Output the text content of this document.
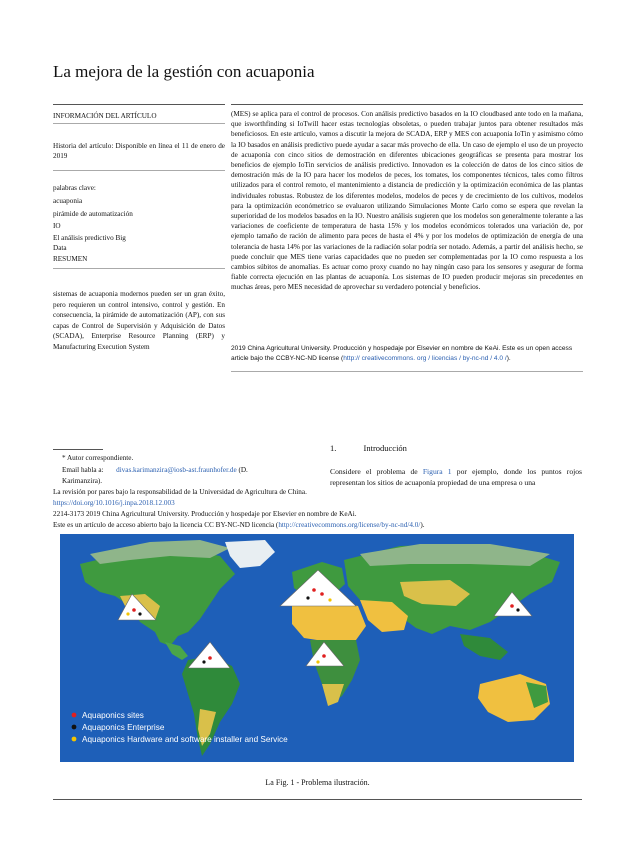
La mejora de la gestión con acuaponia
INFORMACIÓN DEL ARTÍCULO
Historia del artículo: Disponible en línea el 11 de enero de 2019
palabras clave:
acuaponia
pirámide de automatización
IO
El análisis predictivo Big
Data
RESUMEN
sistemas de acuaponia modernos pueden ser un gran éxito, pero requieren un control intensivo, control y gestión. En consecuencia, la pirámide de automatización (AP), con sus capas de Control de Supervisión y Adquisición de Datos (SCADA), Enterprise Resource Planning (ERP) y Manufacturing Execution System
(MES) se aplica para el control de procesos. Con análisis predictivo basados en la IO cloudbased ante todo en la mañana, que isworthfinding si IoTwill hacer estas tecnologías obsoletas, o pueden trabajar juntos para obtener resultados más beneficiosos. En este artículo, vamos a discutir la mejora de SCADA, ERP y MES con acuaponia IoTin y asimismo cómo la IO basados en análisis predictivo puede ayudar a sacar más provecho de ella. Un caso de ejemplo el uso de un proyecto de acuaponía con cinco sitios de demostración en diferentes ubicaciones geográficas se presenta para mostrar los beneficios de ejemplo IoTin servicios de análisis predictivo. Innovadon es la colección de datos de los cinco sitios de demostración más de la IO para hacer los modelos de peces, los tomates, los componentes técnicos, tales como filtros utilizados para el control remoto, el mantenimiento a distancia de predicción y la optimización económica de las plantas individuales robustas. Robustez de los diferentes modelos, modelos de peces y de crecimiento de los cultivos, modelos para la optimización económetrico se evaluaron utilizando Simulaciones Monte Carlo como se espera que revelan la superioridad de los modelos basados en la IO. Nuestro análisis sugieren que los modelos son generalmente tolerante a las variaciones de coeficiente de temperatura de hasta 15% y los modelos económicos tolerados una variación de, por ejemplo tamaño de ración de alimento para peces de hasta el 4% y por los modelos de optimización de energía de una tolerancia de hasta 14% por las variaciones de la radiación solar podría ser notado. Además, a partir del análisis hecho, se puede concluir que MES tiene varias capacidades que no pueden ser complementadas por la IO como respuesta a los cambios súbitos de anomalías. Es actuar como proxy cuando no hay ningún caso para los sensores y asegurar de forma fiable correcta ejecución en las plantas de acuaponía. Los sistemas de IO pueden producir mejoras sin precedentes en muchas áreas, pero MES necesidad de aprovechar su verdadero potencial y beneficios.
2019 China Agricultural University. Producción y hospedaje por Elsevier en nombre de KeAi. Este es un open access article bajo the CCBY-NC-ND license (http:// creativecommons. org / licencias / by-nc-nd / 4.0 /).
* Autor correspondiente.
Email habla a: divas.karimanzira@iosb-ast.fraunhofer.de (D.
Karimanzira).
1.	Introducción
Considere el problema de Figura 1 por ejemplo, donde los puntos rojos representan los sitios de acuaponía propiedad de una empresa o una
La revisión por pares bajo la responsabilidad de la Universidad de Agricultura de China.
https://doi.org/10.1016/j.inpa.2018.12.003
2214-3173 2019 China Agricultural University. Producción y hospedaje por Elsevier en nombre de KeAi.
Este es un artículo de acceso abierto bajo la licencia CC BY-NC-ND licencia (http://creativecommons.org/license/by-nc-nd/4.0/).
Aquaponics sites
Aquaponics Enterprise
Aquaponics Hardware and software installer and Service
La Fig. 1 - Problema ilustración.
